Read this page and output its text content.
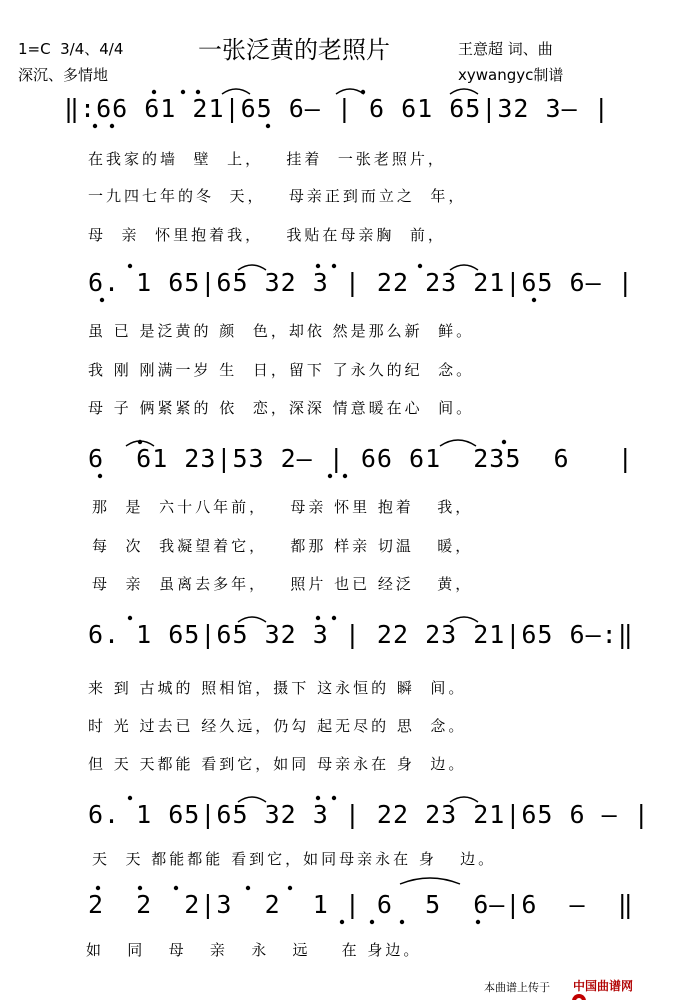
1=C  3/4、4/4
深沉、多情地
一张泛黄的老照片	王意超 词、曲
xywangyc制谱
‖:66 61 21|65 6— | 6 61 65|32 3— |
在我家的墙  壁  上，   挂着  一张老照片，
一九四七年的冬  天，   母亲正到而立之  年，
母  亲  怀里抱着我，   我贴在母亲胸  前，
6. 1 65|65 32 3 | 22 23 21|65 6— |
虽 已 是泛黄的 颜  色，却依 然是那么新  鲜。
我 刚 刚满一岁 生  日，留下 了永久的纪  念。
母 子 俩紧紧的 依  恋，深深 情意暖在心  间。
6  61 23|53 2— | 66 61  235  6   |
那  是  六十八年前，   母亲 怀里 抱着   我，
每  次  我凝望着它，   都那 样亲 切温   暖，
母  亲  虽离去多年，   照片 也已 经泛   黄，
6. 1 65|65 32 3 | 22 23 21|65 6—:‖
来 到 古城的 照相馆，摄下 这永恒的 瞬  间。
时 光 过去已 经久远，仍勾 起无尽的 思  念。
但 天 天都能 看到它，如同 母亲永在 身  边。
6. 1 65|65 32 3 | 22 23 21|65 6 — |
天  天 都能都能 看到它，如同母亲永在 身   边。
2  2  2|3  2  1 | 6  5  6—|6  —  ‖
如   同   母   亲   永   远    在 身边。
本曲谱上传于

中国曲谱网
